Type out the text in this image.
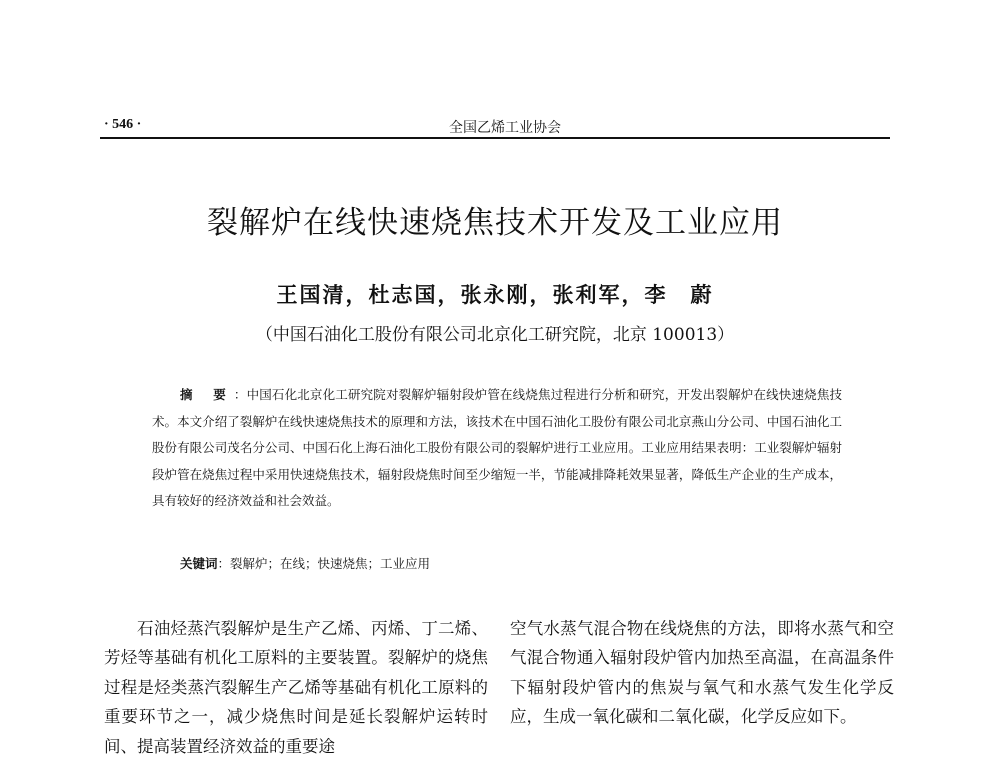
· 546 ·	全国乙烯工业协会
裂解炉在线快速烧焦技术开发及工业应用
王国清，杜志国，张永刚，张利军，李　蔚
（中国石油化工股份有限公司北京化工研究院，北京 100013）
摘 要：中国石化北京化工研究院对裂解炉辐射段炉管在线烧焦过程进行分析和研究，开发出裂解炉在线快速烧焦技术。本文介绍了裂解炉在线快速烧焦技术的原理和方法，该技术在中国石油化工股份有限公司北京燕山分公司、中国石油化工股份有限公司茂名分公司、中国石化上海石油化工股份有限公司的裂解炉进行工业应用。工业应用结果表明：工业裂解炉辐射段炉管在烧焦过程中采用快速烧焦技术，辐射段烧焦时间至少缩短一半，节能减排降耗效果显著，降低生产企业的生产成本，具有较好的经济效益和社会效益。
关键词：裂解炉；在线；快速烧焦；工业应用
石油烃蒸汽裂解炉是生产乙烯、丙烯、丁二烯、芳烃等基础有机化工原料的主要装置。裂解炉的烧焦过程是烃类蒸汽裂解生产乙烯等基础有机化工原料的重要环节之一，减少烧焦时间是延长裂解炉运转时间、提高装置经济效益的重要途
空气水蒸气混合物在线烧焦的方法，即将水蒸气和空气混合物通入辐射段炉管内加热至高温，在高温条件下辐射段炉管内的焦炭与氧气和水蒸气发生化学反应，生成一氧化碳和二氧化碳，化学反应如下。
